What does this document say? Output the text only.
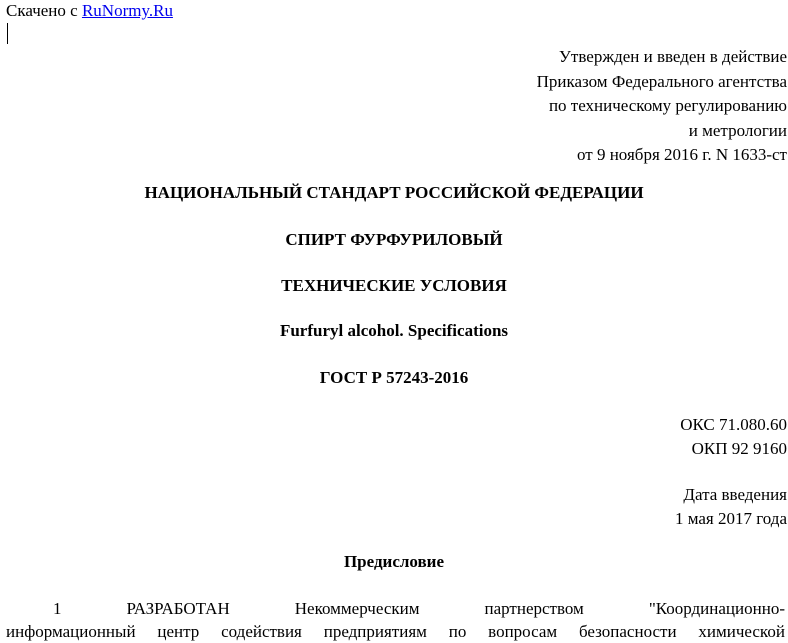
Скачено с RuNormy.Ru
Утвержден и введен в действие
Приказом Федерального агентства
по техническому регулированию
и метрологии
от 9 ноября 2016 г. N 1633-ст
НАЦИОНАЛЬНЫЙ СТАНДАРТ РОССИЙСКОЙ ФЕДЕРАЦИИ
СПИРТ ФУРФУРИЛОВЫЙ
ТЕХНИЧЕСКИЕ УСЛОВИЯ
Furfuryl alcohol. Specifications
ГОСТ Р 57243-2016
ОКС 71.080.60
ОКП 92 9160
Дата введения
1 мая 2017 года
Предисловие
1	РАЗРАБОТАН	Некоммерческим	партнерством	"Координационно-
информационный центр содействия предприятиям по вопросам безопасности химической
